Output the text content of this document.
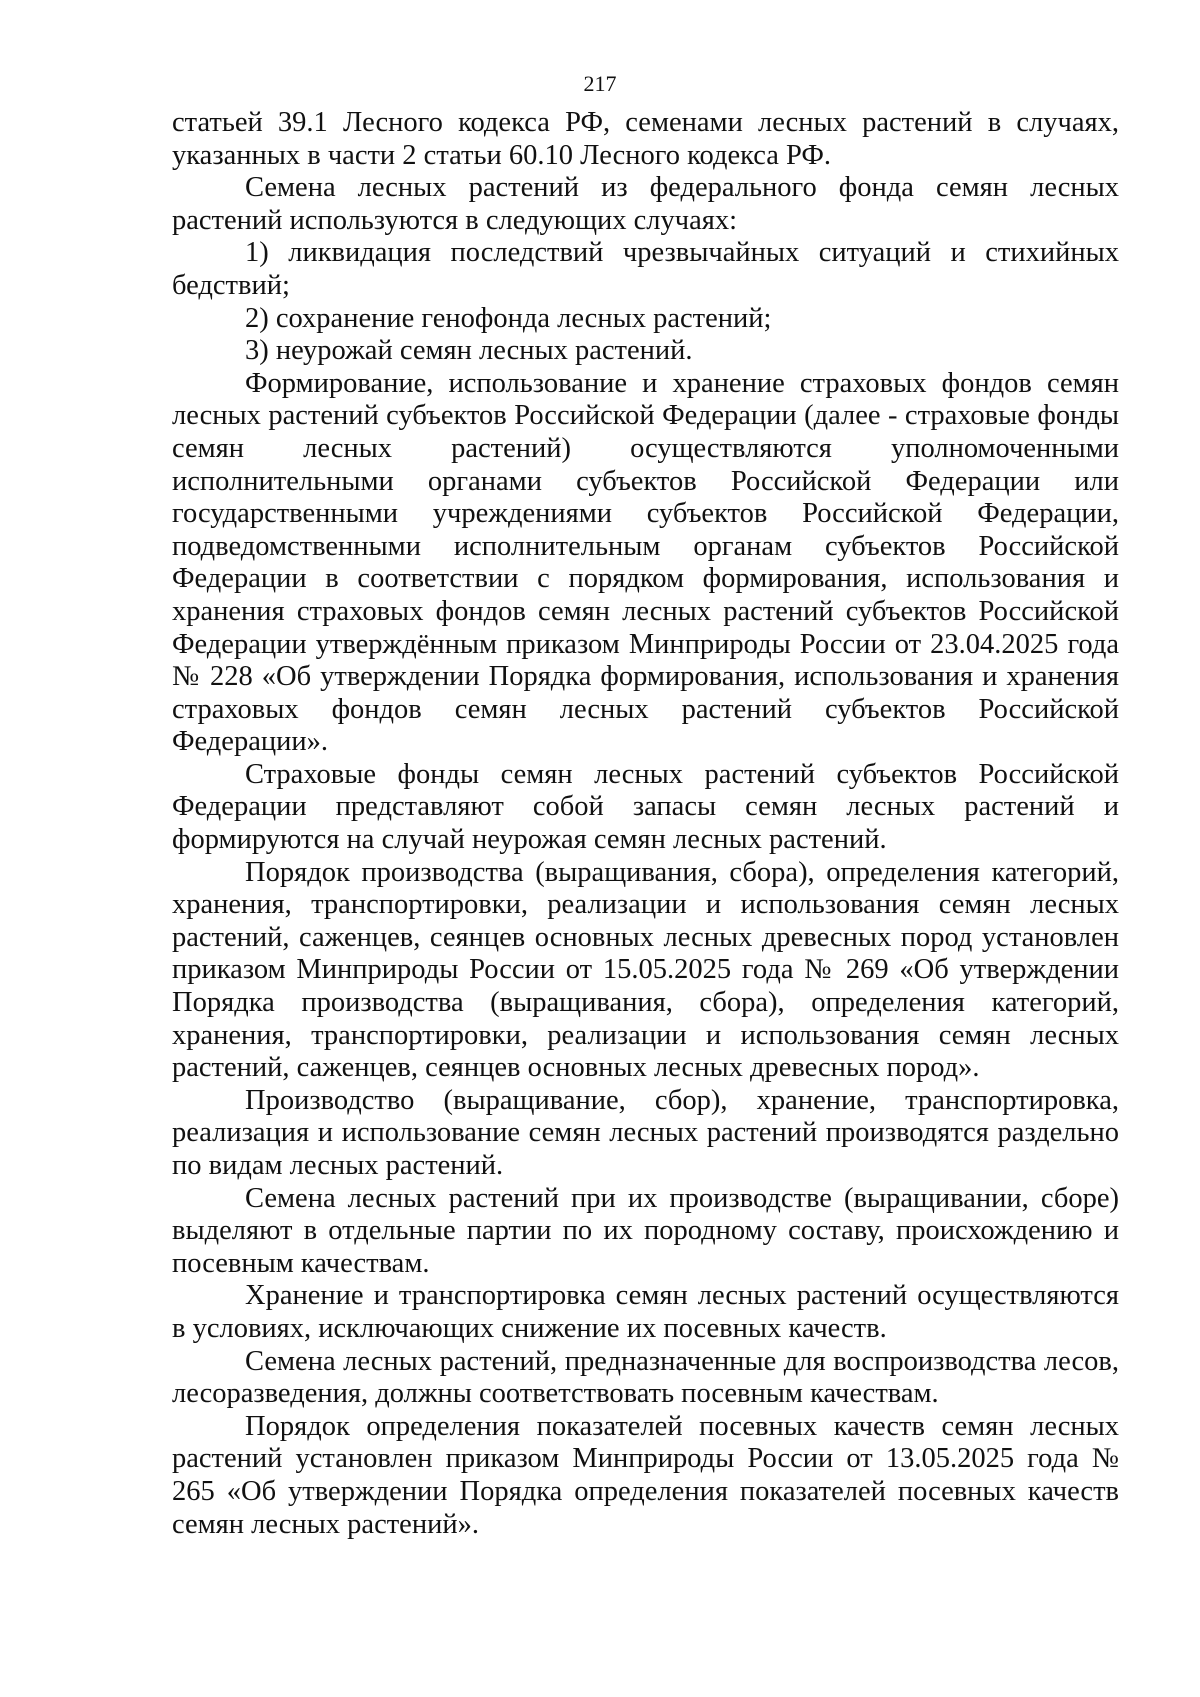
217

статьей 39.1 Лесного кодекса РФ, семенами лесных растений в случаях, указанных в части 2 статьи 60.10 Лесного кодекса РФ.

Семена лесных растений из федерального фонда семян лесных растений используются в следующих случаях:

1) ликвидация последствий чрезвычайных ситуаций и стихийных бедствий;

2) сохранение генофонда лесных растений;

3) неурожай семян лесных растений.

Формирование, использование и хранение страховых фондов семян лесных растений субъектов Российской Федерации (далее - страховые фонды семян лесных растений) осуществляются уполномоченными исполнительными органами субъектов Российской Федерации или государственными учреждениями субъектов Российской Федерации, подведомственными исполнительным органам субъектов Российской Федерации в соответствии с порядком формирования, использования и хранения страховых фондов семян лесных растений субъектов Российской Федерации утверждённым приказом Минприроды России от 23.04.2025 года № 228 «Об утверждении Порядка формирования, использования и хранения страховых фондов семян лесных растений субъектов Российской Федерации».

Страховые фонды семян лесных растений субъектов Российской Федерации представляют собой запасы семян лесных растений и формируются на случай неурожая семян лесных растений.

Порядок производства (выращивания, сбора), определения категорий, хранения, транспортировки, реализации и использования семян лесных растений, саженцев, сеянцев основных лесных древесных пород установлен приказом Минприроды России от 15.05.2025 года № 269 «Об утверждении Порядка производства (выращивания, сбора), определения категорий, хранения, транспортировки, реализации и использования семян лесных растений, саженцев, сеянцев основных лесных древесных пород».

Производство (выращивание, сбор), хранение, транспортировка, реализация и использование семян лесных растений производятся раздельно по видам лесных растений.

Семена лесных растений при их производстве (выращивании, сборе) выделяют в отдельные партии по их породному составу, происхождению и посевным качествам.

Хранение и транспортировка семян лесных растений осуществляются в условиях, исключающих снижение их посевных качеств.

Семена лесных растений, предназначенные для воспроизводства лесов, лесоразведения, должны соответствовать посевным качествам.

Порядок определения показателей посевных качеств семян лесных растений установлен приказом Минприроды России от 13.05.2025 года № 265 «Об утверждении Порядка определения показателей посевных качеств семян лесных растений».
